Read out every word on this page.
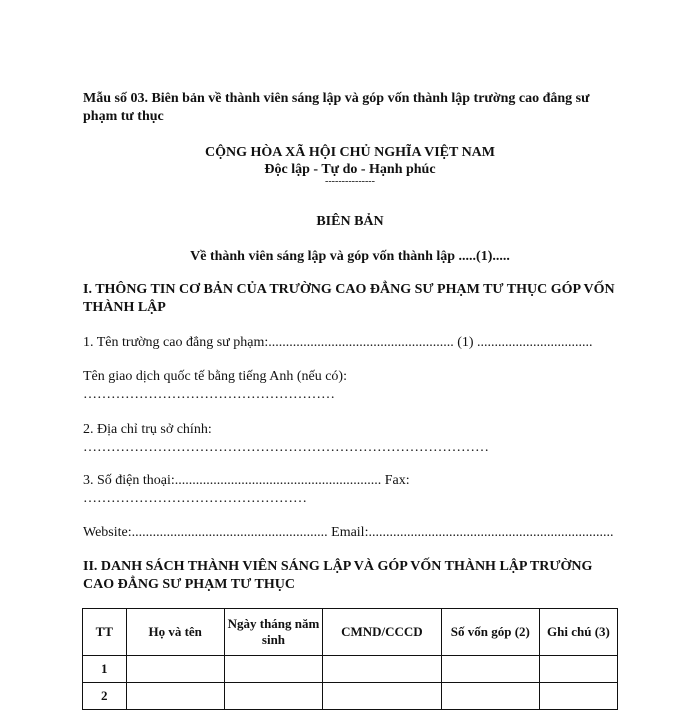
Mẫu số 03. Biên bản về thành viên sáng lập và góp vốn thành lập trường cao đẳng sư phạm tư thục
CỘNG HÒA XÃ HỘI CHỦ NGHĨA VIỆT NAM
Độc lập - Tự do - Hạnh phúc
---------------
BIÊN BẢN
Về thành viên sáng lập và góp vốn thành lập .....(1).....
I. THÔNG TIN CƠ BẢN CỦA TRƯỜNG CAO ĐẲNG SƯ PHẠM TƯ THỤC GÓP VỐN THÀNH LẬP
1. Tên trường cao đẳng sư phạm:..................................................... (1) .................................
Tên giao dịch quốc tế bằng tiếng Anh (nếu có):
………………………………………………
2. Địa chỉ trụ sở chính:
……………………………………………………………………………
3. Số điện thoại:........................................................... Fax:
…………………………………………
Website:........................................................ Email:......................................................................
II. DANH SÁCH THÀNH VIÊN SÁNG LẬP VÀ GÓP VỐN THÀNH LẬP TRƯỜNG CAO ĐẲNG SƯ PHẠM TƯ THỤC
TT	Họ và tên	Ngày tháng năm sinh	CMND/CCCD	Số vốn góp (2)	Ghi chú (3)
1					
2					
